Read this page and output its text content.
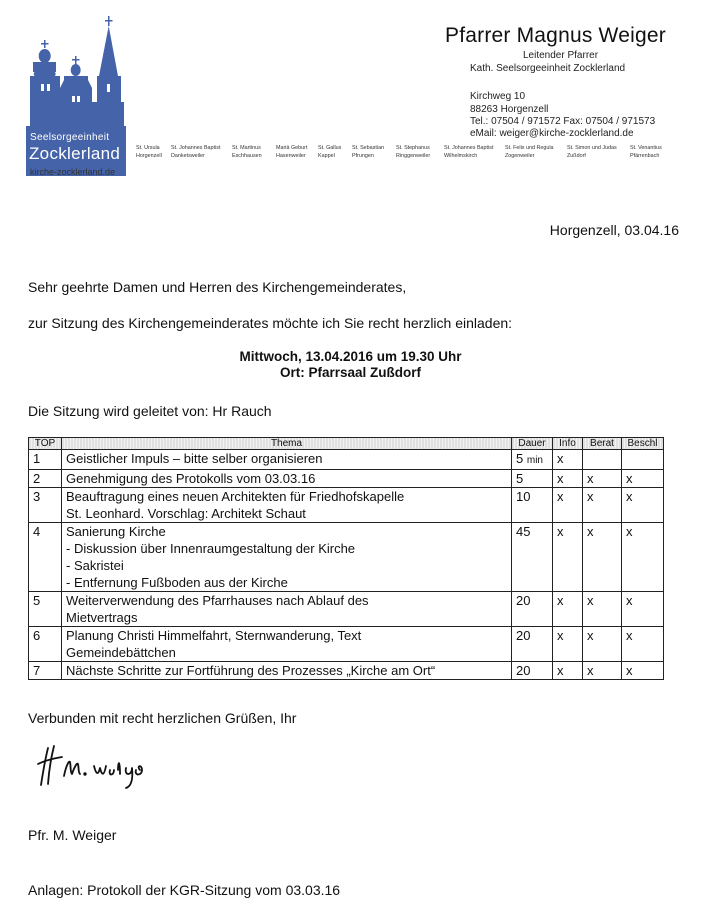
Seelsorgeeinheit
Zocklerland
kirche-zocklerland.de
St. Ursula
Horgenzell
St. Johannes Baptist
Danketsweiler
St. Martinus
Eschhausen
Mariä Geburt
Hasenweiler
St. Gallus
Kappel
St. Sebastian
Pfrungen
St. Stephanus
Ringgenweiler
St. Johannes Baptist
Wilhelmskirch
St. Felix und Regula
Zogenweiler
St. Simon und Judas
Zußdorf
St. Venantius
Pfärrenbach
Pfarrer Magnus Weiger
Leitender Pfarrer
Kath. Seelsorgeeinheit Zocklerland
Kirchweg 10
88263 Horgenzell
Tel.: 07504 / 971572 Fax: 07504 / 971573
eMail: weiger@kirche-zocklerland.de
Horgenzell, 03.04.16
Sehr geehrte Damen und Herren des Kirchengemeinderates,
zur Sitzung des Kirchengemeinderates möchte ich Sie recht herzlich einladen:
Mittwoch, 13.04.2016 um 19.30 Uhr
Ort: Pfarrsaal Zußdorf
Die Sitzung wird geleitet von: Hr Rauch
TOP	Thema	Dauer	Info	Berat	Beschl
1	Geistlicher Impuls – bitte selber organisieren	5 min	x		
2	Genehmigung des Protokolls vom 03.03.16	5	x	x	x
3	Beauftragung eines neuen Architekten für Friedhofskapelle
St. Leonhard. Vorschlag: Architekt Schaut	10	x	x	x
4	Sanierung Kirche
- Diskussion über Innenraumgestaltung der Kirche
- Sakristei
- Entfernung Fußboden aus der Kirche	45	x	x	x
5	Weiterverwendung des Pfarrhauses nach Ablauf des
Mietvertrags	20	x	x	x
6	Planung Christi Himmelfahrt, Sternwanderung, Text
Gemeindebättchen	20	x	x	x
7	Nächste Schritte zur Fortführung des Prozesses „Kirche am Ort“	20	x	x	x
Verbunden mit recht herzlichen Grüßen, Ihr
Pfr. M. Weiger
Anlagen: Protokoll der KGR-Sitzung vom 03.03.16
